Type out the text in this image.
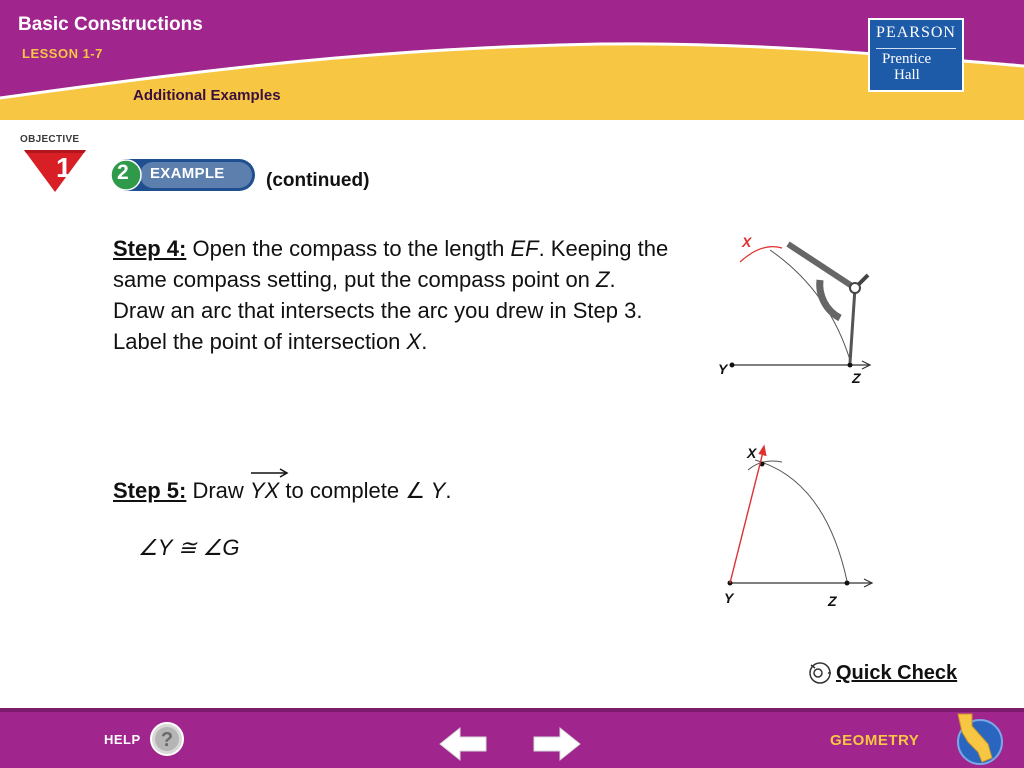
Basic Constructions
LESSON 1-7
Additional Examples
PEARSON
Prentice
Hall
OBJECTIVE
1 2 EXAMPLE (continued)
Step 4: Open the compass to the length EF. Keeping the same compass setting, put the compass point on Z. Draw an arc that intersects the arc you drew in Step 3. Label the point of intersection X.
Step 5: Draw
YX to complete ∠ Y.
∠Y ≅ ∠G
X
Y
Z
X
Y	Z
Quick Check
HELP ?	GEOMETRY
